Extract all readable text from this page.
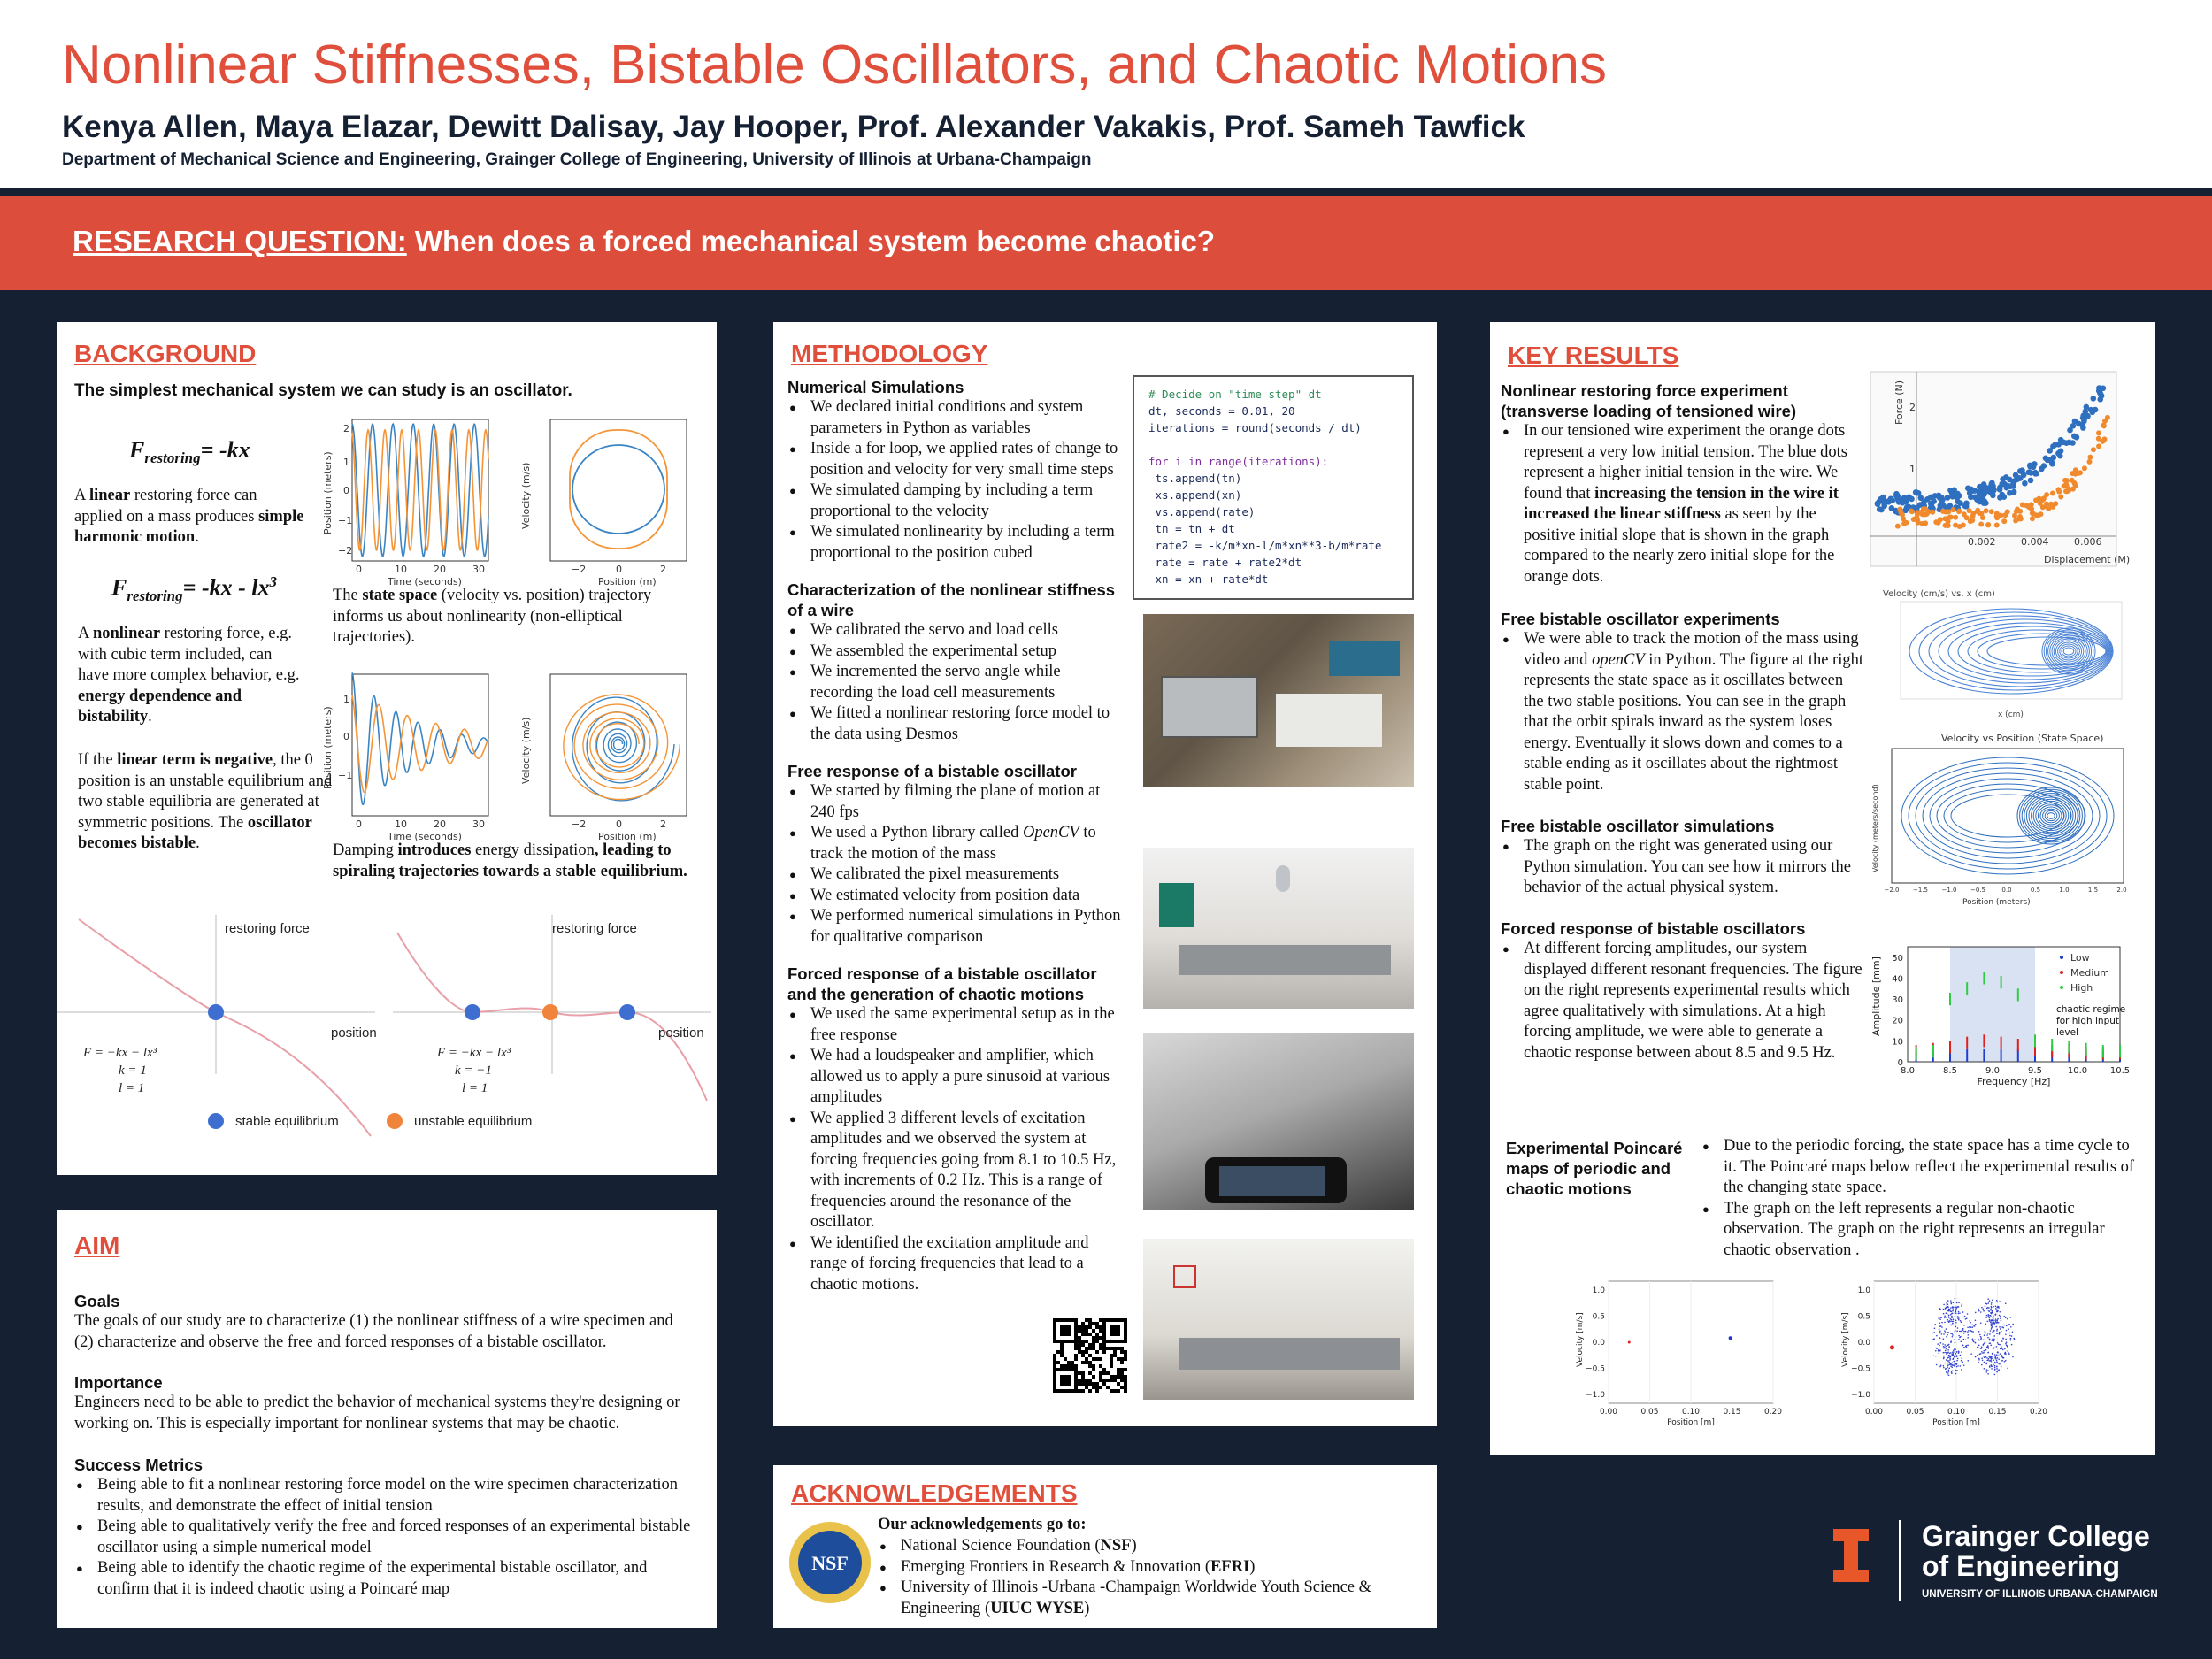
Nonlinear Stiffnesses, Bistable Oscillators, and Chaotic Motions
Kenya Allen, Maya Elazar, Dewitt Dalisay, Jay Hooper, Prof. Alexander Vakakis, Prof. Sameh Tawfick
Department of Mechanical Science and Engineering, Grainger College of Engineering, University of Illinois at Urbana-Champaign
RESEARCH QUESTION: When does a forced mechanical system become chaotic?
BACKGROUND
The simplest mechanical system we can study is an oscillator.
$F_{restoring}= -kx$
A linear restoring force can applied on a mass produces simple harmonic motion.
$F_{restoring}= -kx - lx^3$
A nonlinear restoring force, e.g. with cubic term included, can have more complex behavior, e.g. energy dependence and bistability.
If the linear term is negative, the 0 position is an unstable equilibrium and two stable equilibria are generated at symmetric positions. The oscillator becomes bistable.
The state space (velocity vs. position) trajectory informs us about nonlinearity (non-elliptical trajectories).
Damping introduces energy dissipation, leading to spiraling trajectories towards a stable equilibrium.
0	10	20	30
2
1
0
−1
−2
Time (seconds)
Position (meters)
−2	0	2
Position (m)
Velocity (m/s)
0	10	20	30
1
0
−1
Time (seconds)
Position (meters)
−2	0	2
Position (m)
Velocity (m/s)
restoring force
F = −kx − lx³
k = 1
l = 1
restoring force
position
F = −kx − lx³
k = −1
l = 1
position
stable equilibrium	unstable equilibrium
AIM
Goals
The goals of our study are to characterize (1) the nonlinear stiffness of a wire specimen and (2) characterize and observe the free and forced responses of a bistable oscillator.
Importance
Engineers need to be able to predict the behavior of mechanical systems they're designing or working on. This is especially important for nonlinear systems that may be chaotic.
Success Metrics
● Being able to fit a nonlinear restoring force model on the wire specimen characterization results, and demonstrate the effect of initial tension
● Being able to qualitatively verify the free and forced responses of an experimental bistable oscillator using a simple numerical model
● Being able to identify the chaotic regime of the experimental bistable oscillator, and confirm that it is indeed chaotic using a Poincaré map
METHODOLOGY
Numerical Simulations
● We declared initial conditions and system parameters in Python as variables
● Inside a for loop, we applied rates of change to position and velocity for very small time steps
● We simulated damping by including a term proportional to the velocity
● We simulated nonlinearity by including a term proportional to the position cubed
Characterization of the nonlinear stiffness of a wire
● We calibrated the servo and load cells
● We assembled the experimental setup
● We incremented the servo angle while recording the load cell measurements
● We fitted a nonlinear restoring force model to the data using Desmos
Free response of a bistable oscillator
● We started by filming the plane of motion at 240 fps
● We used a Python library called OpenCV to track the motion of the mass
● We calibrated the pixel measurements
● We estimated velocity from position data
● We performed numerical simulations in Python for qualitative comparison
Forced response of a bistable oscillator and the generation of chaotic motions
● We used the same experimental setup as in the free response
● We had a loudspeaker and amplifier, which allowed us to apply a pure sinusoid at various amplitudes
● We applied 3 different levels of excitation amplitudes and we observed the system at forcing frequencies going from 8.1 to 10.5 Hz, with increments of 0.2 Hz. This is a range of frequencies around the resonance of the oscillator.
● We identified the excitation amplitude and range of forcing frequencies that lead to a chaotic motions.
# Decide on "time step" dt
dt, seconds = 0.01, 20
iterations = round(seconds / dt)

for i in range(iterations):
ts.append(tn)
xs.append(xn)
vs.append(rate)
tn = tn + dt
rate2 = -k/m*xn-l/m*xn**3-b/m*rate
rate = rate + rate2*dt
xn = xn + rate*dt
ACKNOWLEDGEMENTS
NSF
Our acknowledgements go to:
● National Science Foundation (NSF)
● Emerging Frontiers in Research & Innovation (EFRI)
● University of Illinois -Urbana -Champaign Worldwide Youth Science & Engineering (UIUC WYSE)
KEY RESULTS
Nonlinear restoring force experiment (transverse loading of tensioned wire)
● In our tensioned wire experiment the orange dots represent a very low initial tension. The blue dots represent a higher initial tension in the wire. We found that increasing the tension in the wire it increased the linear stiffness as seen by the positive initial slope that is shown in the graph compared to the nearly zero initial slope for the orange dots.
Free bistable oscillator experiments
● We were able to track the motion of the mass using video and openCV in Python. The figure at the right represents the state space as it oscillates between the two stable positions. You can see in the graph that the orbit spirals inward as the system loses energy. Eventually it slows down and comes to a stable ending as it oscillates about the rightmost stable point.
Free bistable oscillator simulations
● The graph on the right was generated using our Python simulation. You can see how it mirrors the behavior of the actual physical system.
Forced response of bistable oscillators
● At different forcing amplitudes, our system displayed different resonant frequencies. The figure on the right represents experimental results which agree qualitatively with simulations. At a high forcing amplitude, we were able to generate a chaotic response between about 8.5 and 9.5 Hz.
Force (N)
Displacement (M)
0.002	0.004	0.006
2
1
Velocity (cm/s) vs. x (cm)
x (cm)
Velocity vs Position (State Space)
Position (meters)
Velocity (meters/second)
−2.0 −1.5 −1.0 −0.5	0.0	0.5	1.0	1.5	2.0
8.0	8.5	9.0	9.5	10.0	10.5
0
10
20
30
40
50
Frequency [Hz]
Amplitude [mm]	Low
Medium
High
chaotic regime
for high input
level
Experimental Poincaré maps of periodic and chaotic motions
● Due to the periodic forcing, the state space has a time cycle to it. The Poincaré maps below reflect the experimental results of the changing state space.
● The graph on the left represents a regular non-chaotic observation. The graph on the right represents an irregular chaotic observation .
0.00	0.05	0.10	0.15	0.20
1.0
0.5
0.0
−0.5
−1.0
Position [m]
Velocity [m/s]
0.00	0.05	0.10	0.15	0.20
1.0
0.5
0.0
−0.5
−1.0
Position [m]
Velocity [m/s]
Grainger College
of Engineering
UNIVERSITY OF ILLINOIS URBANA-CHAMPAIGN
